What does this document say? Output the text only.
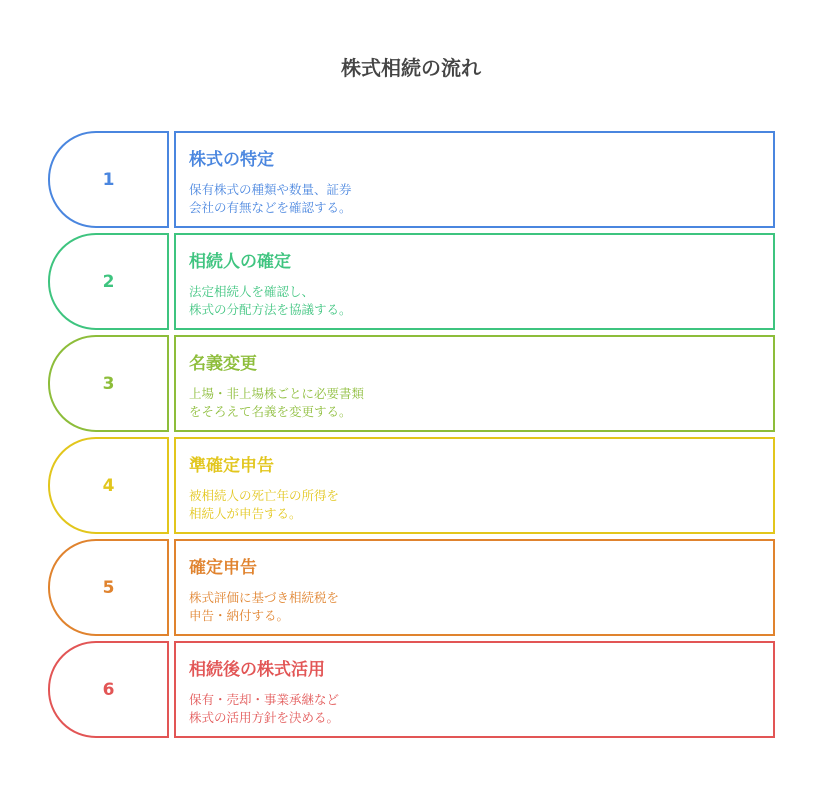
株式相続の流れ
1
株式の特定
保有株式の種類や数量、証券
会社の有無などを確認する。
2
相続人の確定
法定相続人を確認し、
株式の分配方法を協議する。
3
名義変更
上場・非上場株ごとに必要書類
をそろえて名義を変更する。
4
準確定申告
被相続人の死亡年の所得を
相続人が申告する。
5
確定申告
株式評価に基づき相続税を
申告・納付する。
6
相続後の株式活用
保有・売却・事業承継など
株式の活用方針を決める。
